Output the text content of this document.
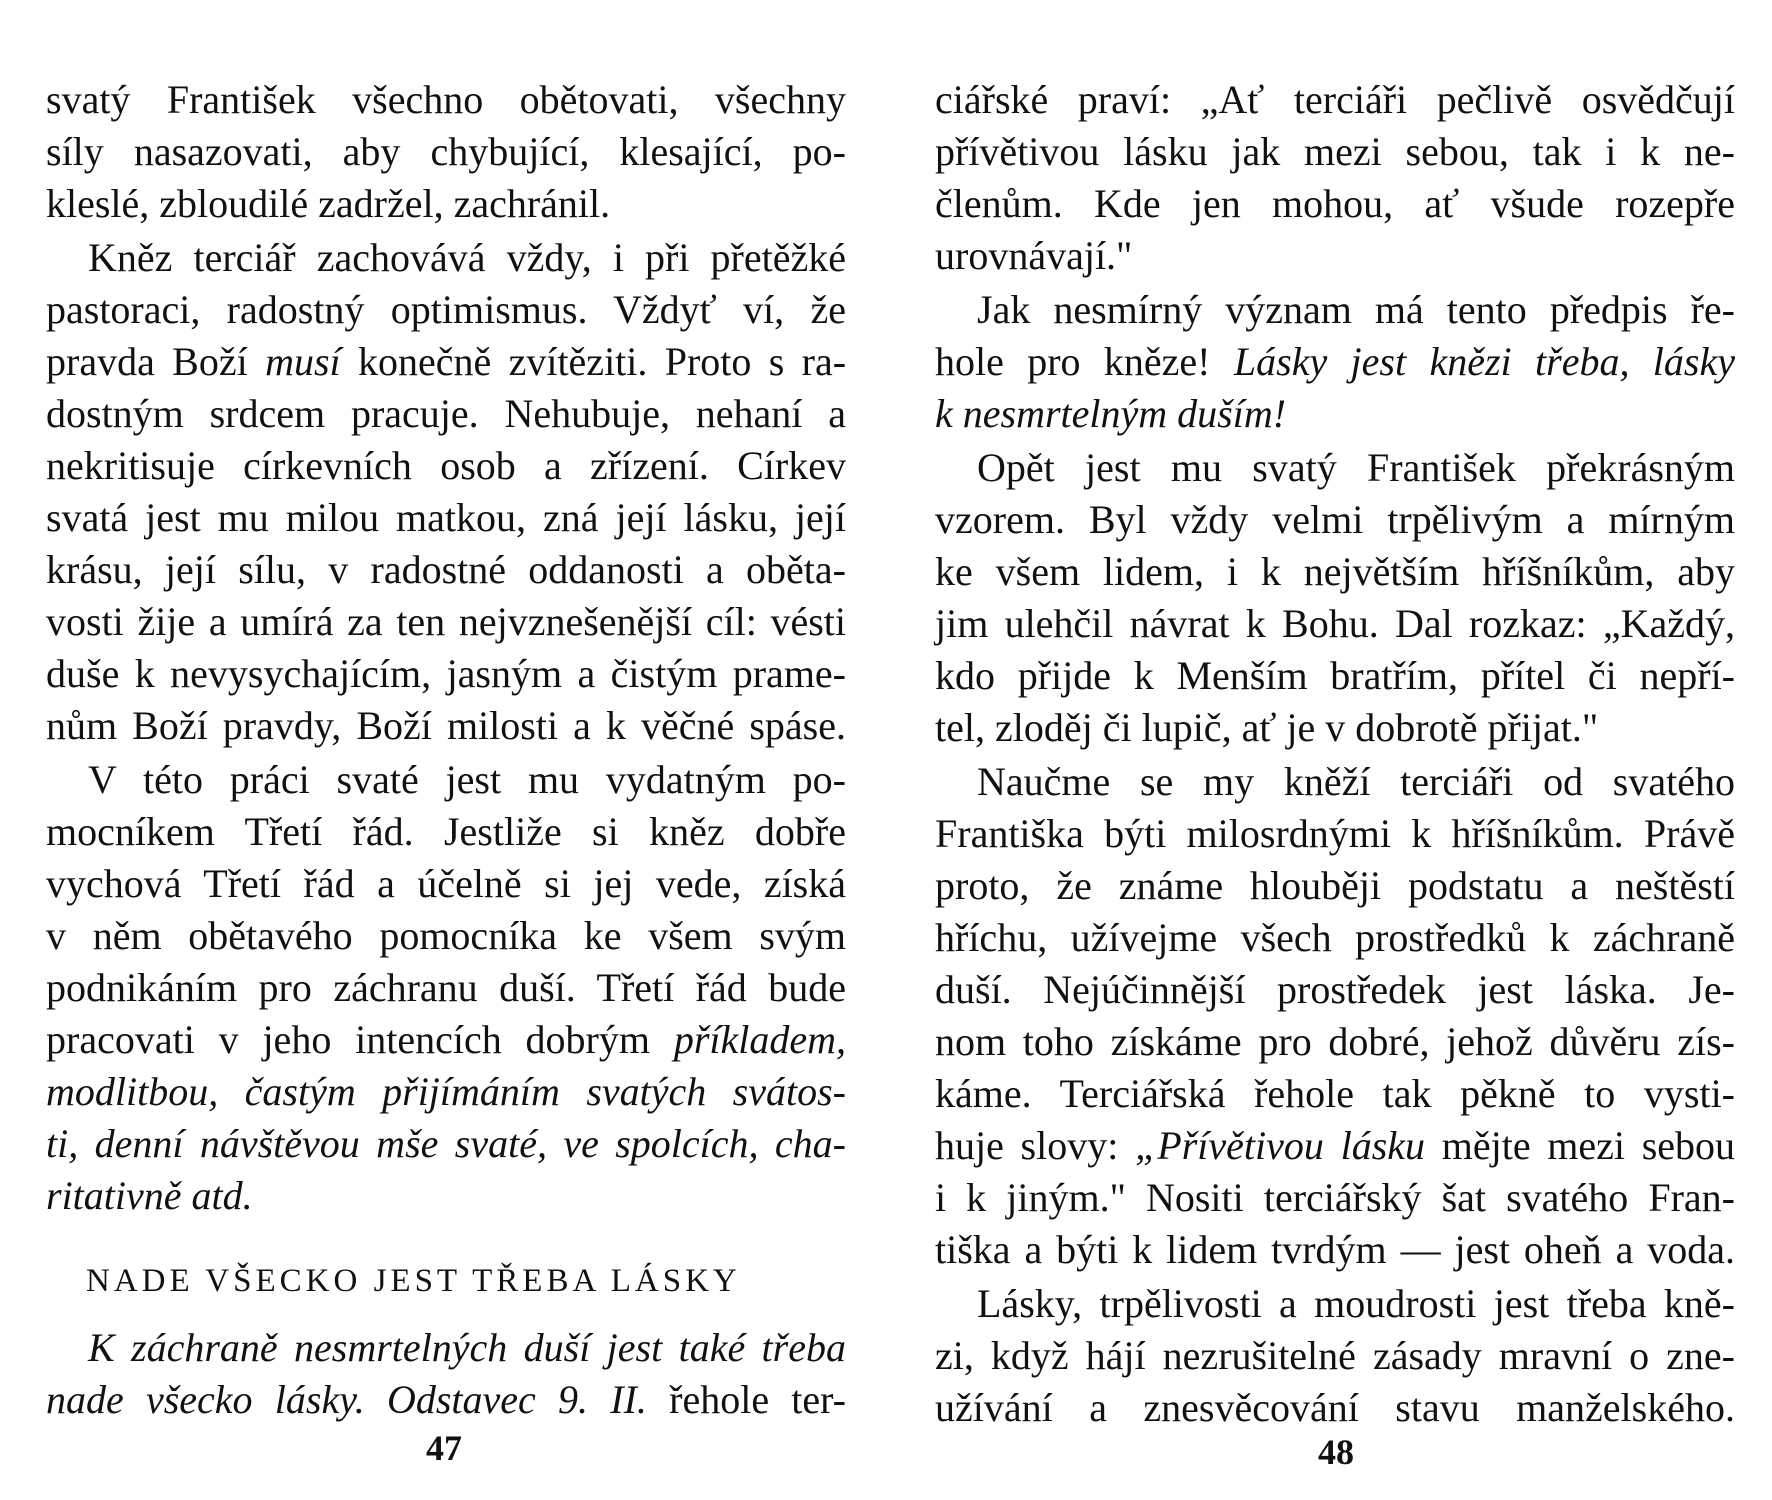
svatý František všechno obětovati, všechny
síly nasazovati, aby chybující, klesající, po-
kleslé, zbloudilé zadržel, zachránil.
Kněz terciář zachovává vždy, i při přetěžké
pastoraci, radostný optimismus. Vždyť ví, že
pravda Boží musí konečně zvítěziti. Proto s ra-
dostným srdcem pracuje. Nehubuje, nehaní a
nekritisuje církevních osob a zřízení. Církev
svatá jest mu milou matkou, zná její lásku, její
krásu, její sílu, v radostné oddanosti a oběta-
vosti žije a umírá za ten nejvznešenější cíl: vésti
duše k nevysychajícím, jasným a čistým prame-
nům Boží pravdy, Boží milosti a k věčné spáse.
V této práci svaté jest mu vydatným po-
mocníkem Třetí řád. Jestliže si kněz dobře
vychová Třetí řád a účelně si jej vede, získá
v něm obětavého pomocníka ke všem svým
podnikáním pro záchranu duší. Třetí řád bude
pracovati v jeho intencích dobrým příkladem,
modlitbou, častým přijímáním svatých svátos-
ti, denní návštěvou mše svaté, ve spolcích, cha-
ritativně atd.
NADE VŠECKO JEST TŘEBA LÁSKY
K záchraně nesmrtelných duší jest také třeba
nade všecko lásky. Odstavec 9. II. řehole ter-
47
ciářské praví: „Ať terciáři pečlivě osvědčují
přívětivou lásku jak mezi sebou, tak i k ne-
členům. Kde jen mohou, ať všude rozepře
urovnávají."
Jak nesmírný význam má tento předpis ře-
hole pro kněze! Lásky jest knězi třeba, lásky
k nesmrtelným duším!
Opět jest mu svatý František překrásným
vzorem. Byl vždy velmi trpělivým a mírným
ke všem lidem, i k největším hříšníkům, aby
jim ulehčil návrat k Bohu. Dal rozkaz: „Každý,
kdo přijde k Menším bratřím, přítel či nepří-
tel, zloděj či lupič, ať je v dobrotě přijat."
Naučme se my kněží terciáři od svatého
Františka býti milosrdnými k hříšníkům. Právě
proto, že známe hlouběji podstatu a neštěstí
hříchu, užívejme všech prostředků k záchraně
duší. Nejúčinnější prostředek jest láska. Je-
nom toho získáme pro dobré, jehož důvěru zís-
káme. Terciářská řehole tak pěkně to vysti-
huje slovy: „Přívětivou lásku mějte mezi sebou
i k jiným." Nositi terciářský šat svatého Fran-
tiška a býti k lidem tvrdým — jest oheň a voda.
Lásky, trpělivosti a moudrosti jest třeba kně-
zi, když hájí nezrušitelné zásady mravní o zne-
užívání a znesvěcování stavu manželského.
48
